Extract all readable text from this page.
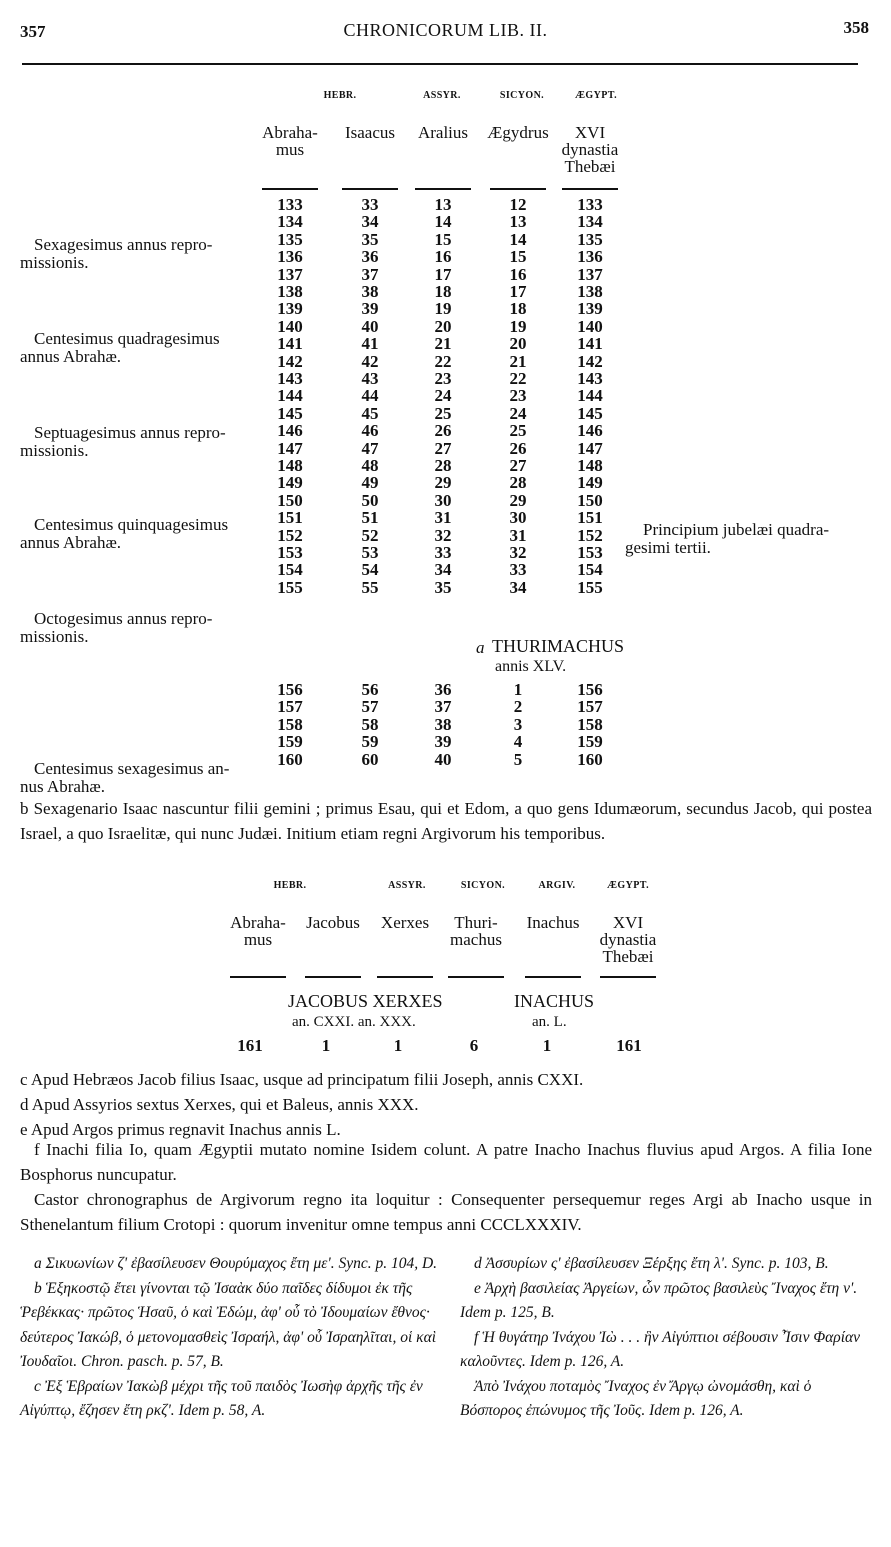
357	CHRONICORUM LIB. II.	358
HEBR.	ASSYR.	SICYON.	ÆGYPT.
Abraha-
mus
Isaacus	Aralius	Ægydrus	XVI
dynastia
Thebæi
133	33	13	12	133
134	34	14	13	134
135	35	15	14	135
136	36	16	15	136
137	37	17	16	137
138	38	18	17	138
139	39	19	18	139
140	40	20	19	140
141	41	21	20	141
142	42	22	21	142
143	43	23	22	143
144	44	24	23	144
145	45	25	24	145
146	46	26	25	146
147	47	27	26	147
148	48	28	27	148
149	49	29	28	149
150	50	30	29	150
151	51	31	30	151
152	52	32	31	152
153	53	33	32	153
154	54	34	33	154
155	55	35	34	155
Sexagesimus annus repro-
missionis.
Centesimus quadragesimus
annus Abrahæ.
Septuagesimus annus repro-
missionis.
Centesimus quinquagesimus
annus Abrahæ.
Octogesimus annus repro-
missionis.
Principium jubelæi quadra-
gesimi tertii.
a THURIMACHUS
annis XLV.
156	56	36	1	156
157	57	37	2	157
158	58	38	3	158
159	59	39	4	159
160	60	40	5	160
Centesimus sexagesimus an-
nus Abrahæ.
b Sexagenario Isaac nascuntur filii gemini ; primus Esau, qui et Edom, a quo gens Idumæorum, secundus Jacob, qui postea Israel, a quo Israelitæ, qui nunc Judæi. Initium etiam regni Argivorum his temporibus.
HEBR.	ASSYR.	SICYON.	ARGIV.	ÆGYPT.
Abraha-
mus
Jacobus	Xerxes	Thuri-
machus
Inachus	XVI
dynastia
Thebæi
JACOBUS XERXES	INACHUS
an. CXXI. an. XXX.	an. L.
161	1	1	6	1	161
c Apud Hebræos Jacob filius Isaac, usque ad principatum filii Joseph, annis CXXI.
d Apud Assyrios sextus Xerxes, qui et Baleus, annis XXX.
e Apud Argos primus regnavit Inachus annis L.
f Inachi filia Io, quam Ægyptii mutato nomine Isidem colunt. A patre Inacho Inachus fluvius apud Argos. A filia Ione Bosphorus nuncupatur.
Castor chronographus de Argivorum regno ita loquitur : Consequenter persequemur reges Argi ab Inacho usque in Sthenelantum filium Crotopi : quorum invenitur omne tempus anni CCCLXXXIV.
a Σικυωνίων ζ' ἐβασίλευσεν Θουρύμαχος ἔτη με'. Sync. p. 104, D.
b Ἑξηκοστῷ ἔτει γίνονται τῷ Ἰσαὰκ δύο παῖδες δίδυμοι ἐκ τῆς Ῥεβέκκας· πρῶτος Ἡσαῦ, ὁ καὶ Ἐδώμ, ἀφ' οὗ τὸ Ἰδουμαίων ἔθνος· δεύτερος Ἰακώβ, ὁ μετονομασθεὶς Ἰσραήλ, ἀφ' οὗ Ἰσραηλῖται, οἱ καὶ Ἰουδαῖοι. Chron. pasch. p. 57, B.
c Ἐξ Ἑβραίων Ἰακὼβ μέχρι τῆς τοῦ παιδὸς Ἰωσὴφ ἀρχῆς τῆς ἐν Αἰγύπτῳ, ἔζησεν ἔτη ρκζ'. Idem p. 58, A.
d Ἀσσυρίων ς' ἐβασίλευσεν Ξέρξης ἔτη λ'. Sync. p. 103, B.
e Ἀρχὴ βασιλείας Ἀργείων, ὧν πρῶτος βασιλεὺς Ἴναχος ἔτη ν'. Idem p. 125, B.
f Ἡ θυγάτηρ Ἰνάχου Ἰὼ . . . ἣν Αἰγύπτιοι σέβουσιν Ἶσιν Φαρίαν καλοῦντες. Idem p. 126, A.
Ἀπὸ Ἰνάχου ποταμὸς Ἴναχος ἐν Ἄργῳ ὠνομάσθη, καὶ ὁ Βόσπορος ἐπώνυμος τῆς Ἰοῦς. Idem p. 126, A.
